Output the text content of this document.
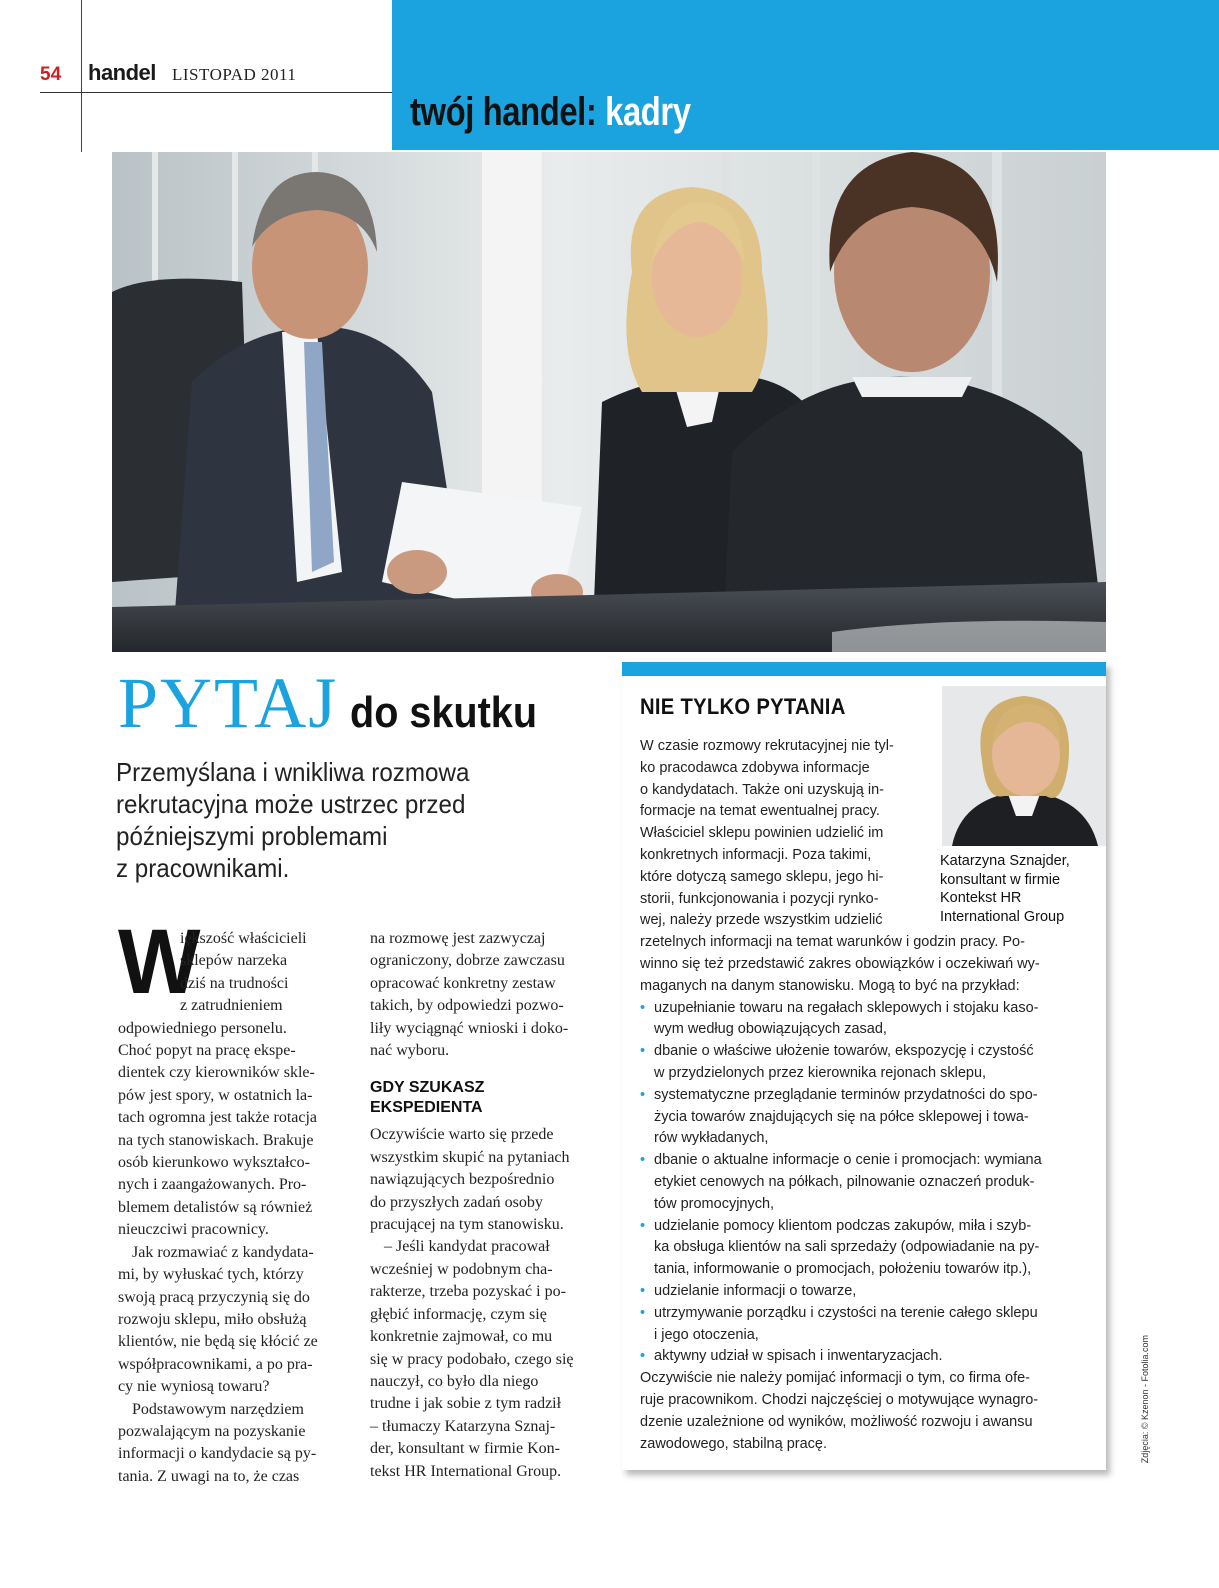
54 handel LISTOPAD 2011
twój handel: kadry
PYTAJ do skutku
Przemyślana i wnikliwa rozmowa
rekrutacyjna może ustrzec przed
późniejszymi problemami
z pracownikami.
W
iększość właścicieli
sklepów narzeka
dziś na trudności
z zatrudnieniem
odpowiedniego personelu.
Choć popyt na pracę ekspe-
dientek czy kierowników skle-
pów jest spory, w ostatnich la-
tach ogromna jest także rotacja
na tych stanowiskach. Brakuje
osób kierunkowo wykształco-
nych i zaangażowanych. Pro-
blemem detalistów są również
nieuczciwi pracownicy.
Jak rozmawiać z kandydata-
mi, by wyłuskać tych, którzy
swoją pracą przyczynią się do
rozwoju sklepu, miło obsłużą
klientów, nie będą się kłócić ze
współpracownikami, a po pra-
cy nie wyniosą towaru?
Podstawowym narzędziem
pozwalającym na pozyskanie
informacji o kandydacie są py-
tania. Z uwagi na to, że czas
na rozmowę jest zazwyczaj
ograniczony, dobrze zawczasu
opracować konkretny zestaw
takich, by odpowiedzi pozwo-
liły wyciągnąć wnioski i doko-
nać wyboru.
GDY SZUKASZ
EKSPEDIENTA
Oczywiście warto się przede
wszystkim skupić na pytaniach
nawiązujących bezpośrednio
do przyszłych zadań osoby
pracującej na tym stanowisku.
– Jeśli kandydat pracował
wcześniej w podobnym cha-
rakterze, trzeba pozyskać i po-
głębić informację, czym się
konkretnie zajmował, co mu
się w pracy podobało, czego się
nauczył, co było dla niego
trudne i jak sobie z tym radził
– tłumaczy Katarzyna Sznaj-
der, konsultant w firmie Kon-
tekst HR International Group.
NIE TYLKO PYTANIA
Katarzyna Sznajder,
konsultant w firmie
Kontekst HR
International Group
W czasie rozmowy rekrutacyjnej nie tyl-
ko pracodawca zdobywa informacje
o kandydatach. Także oni uzyskują in-
formacje na temat ewentualnej pracy.
Właściciel sklepu powinien udzielić im
konkretnych informacji. Poza takimi,
które dotyczą samego sklepu, jego hi-
storii, funkcjonowania i pozycji rynko-
wej, należy przede wszystkim udzielić
rzetelnych informacji na temat warunków i godzin pracy. Po-
winno się też przedstawić zakres obowiązków i oczekiwań wy-
maganych na danym stanowisku. Mogą to być na przykład:
• uzupełnianie towaru na regałach sklepowych i stojaku kaso-
wym według obowiązujących zasad,
• dbanie o właściwe ułożenie towarów, ekspozycję i czystość
w przydzielonych przez kierownika rejonach sklepu,
• systematyczne przeglądanie terminów przydatności do spo-
życia towarów znajdujących się na półce sklepowej i towa-
rów wykładanych,
• dbanie o aktualne informacje o cenie i promocjach: wymiana
etykiet cenowych na półkach, pilnowanie oznaczeń produk-
tów promocyjnych,
• udzielanie pomocy klientom podczas zakupów, miła i szyb-
ka obsługa klientów na sali sprzedaży (odpowiadanie na py-
tania, informowanie o promocjach, położeniu towarów itp.),
• udzielanie informacji o towarze,
• utrzymywanie porządku i czystości na terenie całego sklepu
i jego otoczenia,
• aktywny udział w spisach i inwentaryzacjach.
Oczywiście nie należy pomijać informacji o tym, co firma ofe-
ruje pracownikom. Chodzi najczęściej o motywujące wynagro-
dzenie uzależnione od wyników, możliwość rozwoju i awansu
zawodowego, stabilną pracę.	Zdjęcia: © Kzenon - Fotolia.com
